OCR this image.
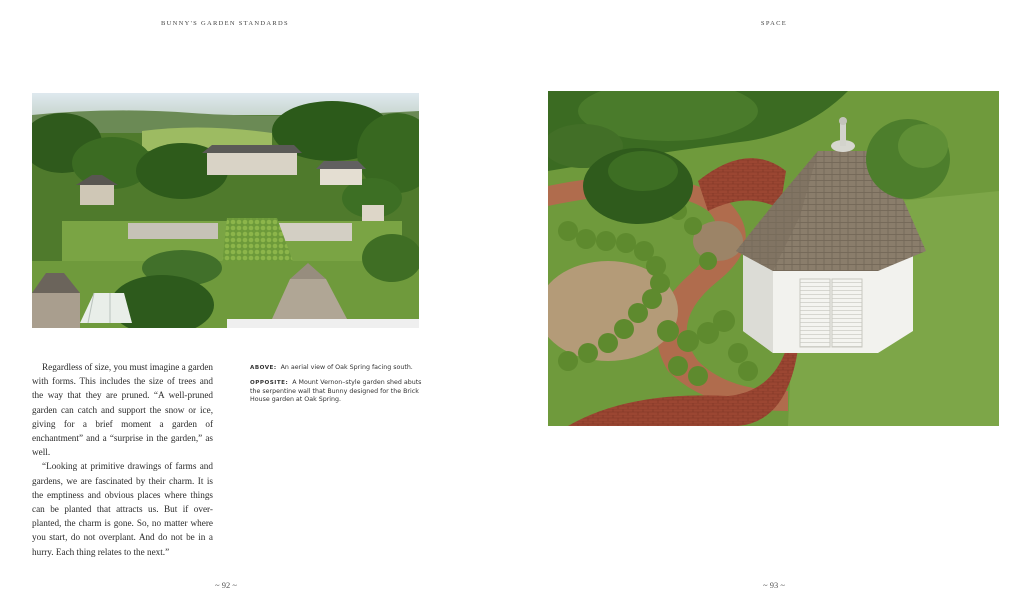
BUNNY'S GARDEN STANDARDS

Regardless of size, you must imagine a garden with forms. This includes the size of trees and the way that they are pruned. “A well-pruned garden can catch and support the snow or ice, giving for a brief moment a garden of enchantment” and a “surprise in the garden,” as well.

“Looking at primitive drawings of farms and gardens, we are fascinated by their charm. It is the emptiness and obvious places where things can be planted that attracts us. But if over-planted, the charm is gone. So, no matter where you start, do not overplant. And do not be in a hurry. Each thing relates to the next.”

ABOVE: An aerial view of Oak Spring facing south.

OPPOSITE: A Mount Vernon–style garden shed abuts the serpentine wall that Bunny designed for the Brick House garden at Oak Spring.

~ 92 ~
SPACE
~ 93 ~
